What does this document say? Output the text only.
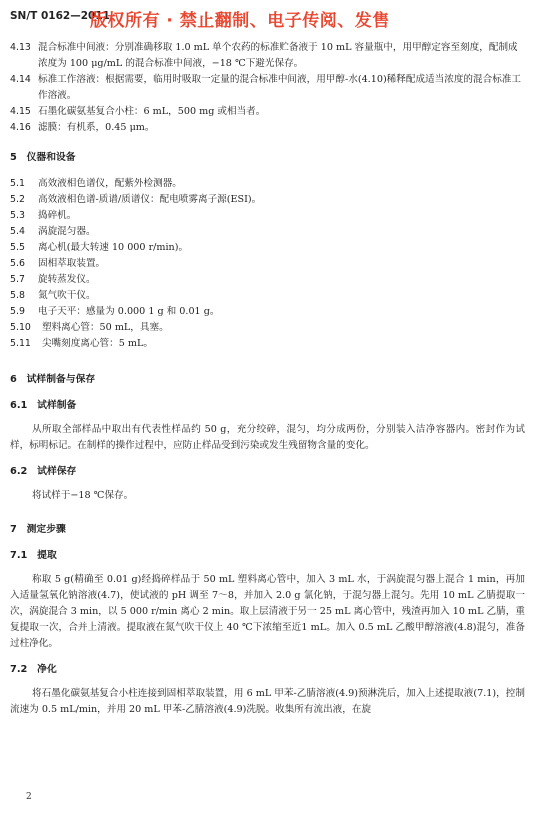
SN/T 0162—2011
版权所有 · 禁止翻制、电子传阅、发售
4.13 混合标准中间液：分别准确移取 1.0 mL 单个农药的标准贮备液于 10 mL 容量瓶中，用甲醇定容至刻度，配制成浓度为 100 μg/mL 的混合标准中间液，−18 ℃下避光保存。
4.14 标准工作溶液：根据需要，临用时吸取一定量的混合标准中间液，用甲醇-水(4.10)稀释配成适当浓度的混合标准工作溶液。
4.15 石墨化碳氨基复合小柱：6 mL，500 mg 或相当者。
4.16 滤膜：有机系，0.45 μm。
5　仪器和设备
5.1	高效液相色谱仪，配紫外检测器。
5.2	高效液相色谱-质谱/质谱仪：配电喷雾离子源(ESI)。
5.3	捣碎机。
5.4	涡旋混匀器。
5.5	离心机(最大转速 10 000 r/min)。
5.6	固相萃取装置。
5.7	旋转蒸发仪。
5.8	氮气吹干仪。
5.9	电子天平：感量为 0.000 1 g 和 0.01 g。
5.10	塑料离心管：50 mL，具塞。
5.11	尖嘴刻度离心管：5 mL。
6　试样制备与保存
6.1　试样制备

从所取全部样品中取出有代表性样品约 50 g，充分绞碎，混匀，均分成两份，分别装入洁净容器内。密封作为试样，标明标记。在制样的操作过程中，应防止样品受到污染或发生残留物含量的变化。

6.2　试样保存

将试样于−18 ℃保存。

7　测定步骤
7.1　提取

称取 5 g(精确至 0.01 g)经捣碎样品于 50 mL 塑料离心管中，加入 3 mL 水，于涡旋混匀器上混合 1 min，再加入适量氢氧化钠溶液(4.7)，使试液的 pH 调至 7～8，并加入 2.0 g 氯化钠，于混匀器上混匀。先用 10 mL 乙腈提取一次，涡旋混合 3 min，以 5 000 r/min 离心 2 min。取上层清液于另一 25 mL 离心管中，残渣再加入 10 mL 乙腈，重复提取一次，合并上清液。提取液在氮气吹干仪上 40 ℃下浓缩至近1 mL。加入 0.5 mL 乙酸甲醇溶液(4.8)混匀，准备过柱净化。

7.2　净化

将石墨化碳氨基复合小柱连接到固相萃取装置，用 6 mL 甲苯-乙腈溶液(4.9)预淋洗后，加入上述提取液(7.1)，控制流速为 0.5 mL/min，并用 20 mL 甲苯-乙腈溶液(4.9)洗脱。收集所有流出液，在旋

2
